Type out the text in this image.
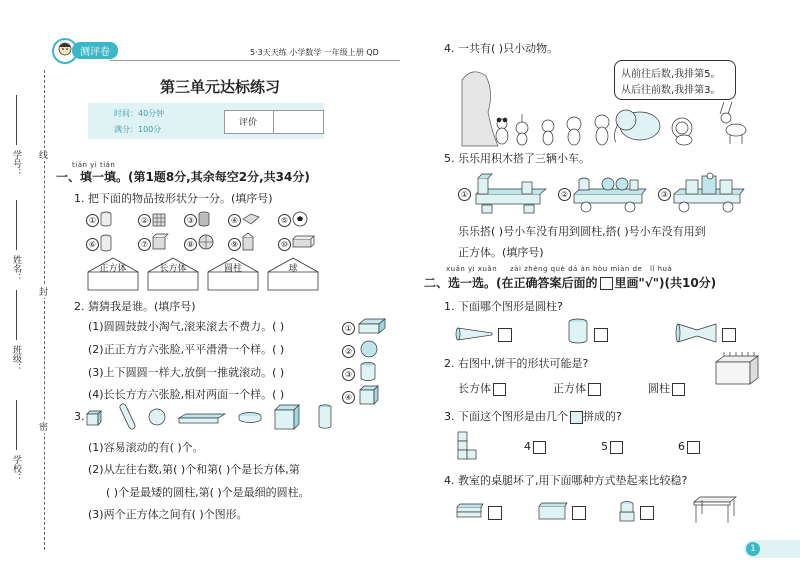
学号：
姓名：
班级：
学校：
线
封
密
测评卷	5·3天天练 小学数学 一年级上册 QD
第三单元达标练习
时间：40分钟
满分：100分
评价
tián yi tián
一、填一填。(第1题8分,其余每空2分,共34分)
1. 把下面的物品按形状分一分。(填序号)
①	②	③	④	⑤
⑥	⑦	⑧	⑨	⑩
正方体	长方体	圆柱	球
2. 猜猜我是谁。(填序号)
(1)圆圆鼓鼓小淘气,滚来滚去不费力。( )
(2)正正方方六张脸,平平滑滑一个样。( )
(3)上下圆圆一样大,放倒一推就滚动。( )
(4)长长方方六张脸,相对两面一个样。( )
①
②
③
④
3.
(1)容易滚动的有( )个。
(2)从左往右数,第( )个和第( )个是长方体,第
( )个是最矮的圆柱,第( )个是最细的圆柱。
(3)两个正方体之间有( )个图形。
4. 一共有( )只小动物。
从前往后数,我排第5。
从后往前数,我排第3。
5. 乐乐用积木搭了三辆小车。
①	②	③
乐乐搭( )号小车没有用到圆柱,搭( )号小车没有用到
正方体。(填序号)
xuǎn yi xuǎn zài zhèng què dá àn hòu miàn de lǐ huà
二、选一选。(在正确答案后面的 里画"√")(共10分)
1. 下面哪个图形是圆柱?
2. 右图中,饼干的形状可能是?
长方体	正方体	圆柱
3. 下面这个图形是由几个 拼成的?
4	5	6
4. 教室的桌腿坏了,用下面哪种方式垫起来比较稳?
1
